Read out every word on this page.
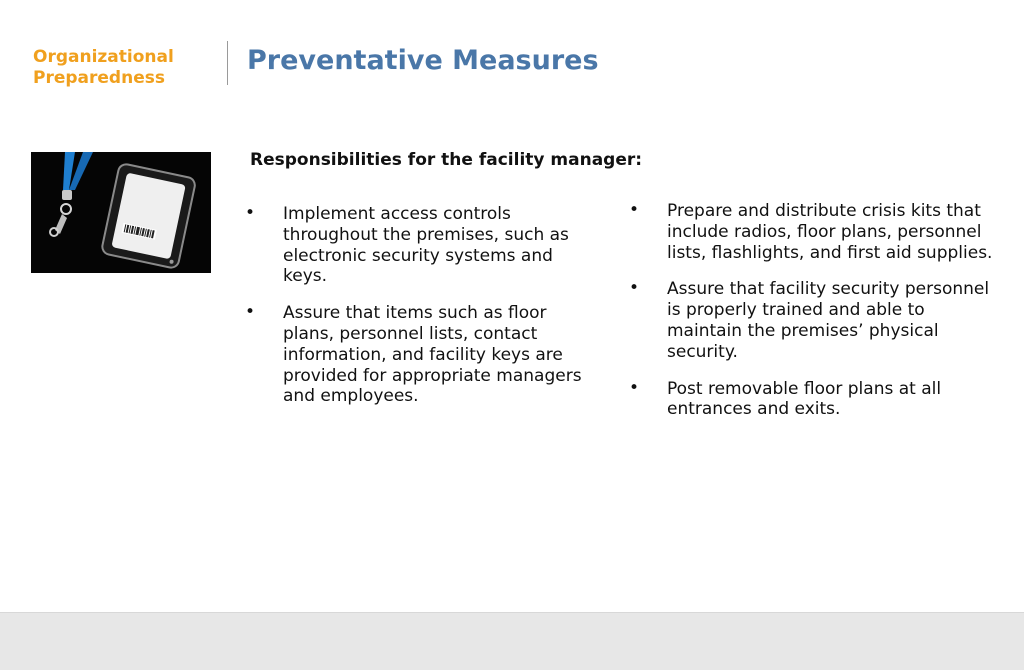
Organizational Preparedness
Preventative Measures
Responsibilities for the facility manager:
• Implement access controls throughout the premises, such as electronic security systems and keys.
• Assure that items such as floor plans, personnel lists, contact information, and facility keys are provided for appropriate managers and employees.
• Prepare and distribute crisis kits that include radios, floor plans, personnel lists, flashlights, and first aid supplies.
• Assure that facility security personnel is properly trained and able to maintain the premises’ physical security.
• Post removable floor plans at all entrances and exits.
